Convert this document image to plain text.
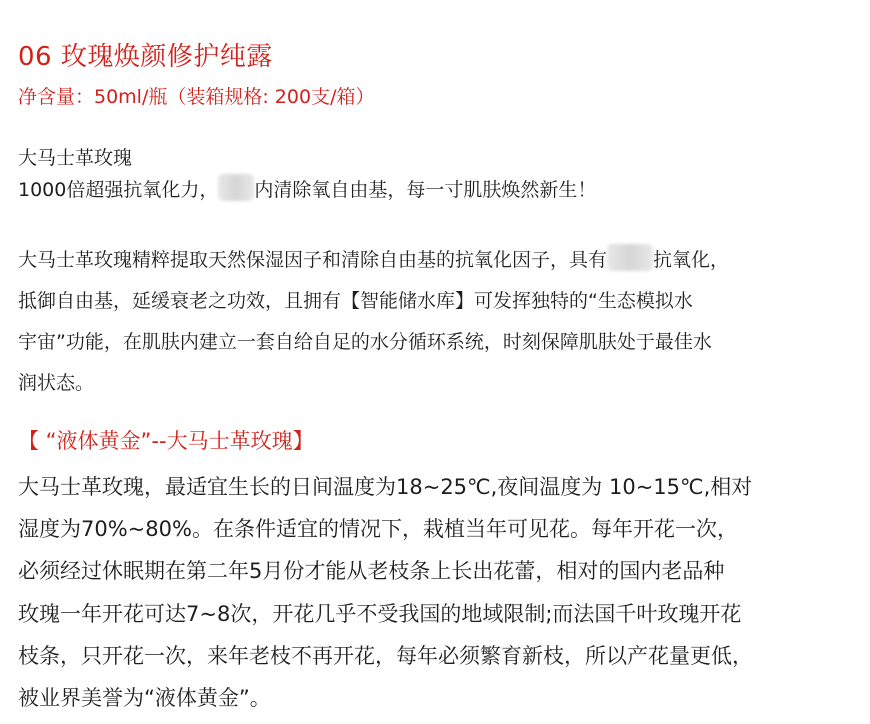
06 玫瑰焕颜修护纯露
净含量：50ml/瓶（装箱规格: 200支/箱）
大马士革玫瑰
1000倍超强抗氧化力， 内清除氧自由基，每一寸肌肤焕然新生！
大马士革玫瑰精粹提取天然保湿因子和清除自由基的抗氧化因子，具有 抗氧化，
抵御自由基，延缓衰老之功效，且拥有【智能储水库】可发挥独特的“生态模拟水
宇宙”功能，在肌肤内建立一套自给自足的水分循环系统，时刻保障肌肤处于最佳水
润状态。
【 “液体黄金”--大马士革玫瑰】
大马士革玫瑰，最适宜生长的日间温度为18~25℃,夜间温度为 10~15℃,相对
湿度为70%~80%。在条件适宜的情况下，栽植当年可见花。每年开花一次，
必须经过休眠期在第二年5月份才能从老枝条上长出花蕾，相对的国内老品种
玫瑰一年开花可达7~8次，开花几乎不受我国的地域限制;而法国千叶玫瑰开花
枝条，只开花一次，来年老枝不再开花，每年必须繁育新枝，所以产花量更低，
被业界美誉为“液体黄金”。
